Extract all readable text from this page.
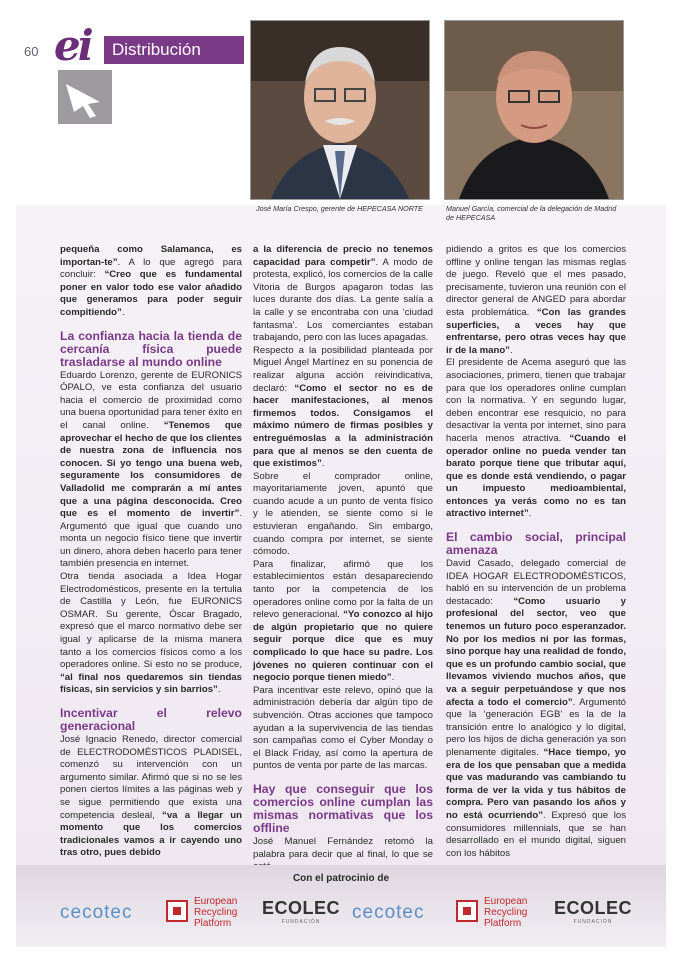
60 ei Distribución
José María Crespo, gerente de HEPECASA NORTE	Manuel García, comercial de la delegación de Madrid de HEPECASA

pequeña como Salamanca, es importan-te”. A lo que agregó para concluir: “Creo que es fundamental poner en valor todo ese valor añadido que generamos para poder seguir compitiendo”.

La confianza hacia la tienda de cercanía física puede trasladarse al mundo online

Eduardo Lorenzo, gerente de EURONICS ÓPALO, ve esta confianza del usuario hacia el comercio de proximidad como una buena oportunidad para tener éxito en el canal online. “Tenemos que aprovechar el hecho de que los clientes de nuestra zona de influencia nos conocen. Si yo tengo una buena web, seguramente los consumidores de Valladolid me comprarán a mí antes que a una página desconocida. Creo que es el momento de invertir”. Argumentó que igual que cuando uno monta un negocio físico tiene que invertir un dinero, ahora deben hacerlo para tener también presencia en internet.

Otra tienda asociada a Idea Hogar Electrodomésticos, presente en la tertulia de Castilla y León, fue EURONICS OSMAR. Su gerente, Óscar Bragado, expresó que el marco normativo debe ser igual y aplicarse de la misma manera tanto a los comercios físicos como a los operadores online. Si esto no se produce, “al final nos quedaremos sin tiendas físicas, sin servicios y sin barrios”.

Incentivar el relevo generacional

José Ignacio Renedo, director comercial de ELECTRODOMÉSTICOS PLADISEL, comenzó su intervención con un argumento similar. Afirmó que si no se les ponen ciertos límites a las páginas web y se sigue permitiendo que exista una competencia desleal, “va a llegar un momento que los comercios tradicionales vamos a ir cayendo uno tras otro, pues debido

a la diferencia de precio no tenemos capacidad para competir”. A modo de protesta, explicó, los comercios de la calle Vitoria de Burgos apagaron todas las luces durante dos días. La gente salía a la calle y se encontraba con una ‘ciudad fantasma’. Los comerciantes estaban trabajando, pero con las luces apagadas.

Respecto a la posibilidad planteada por Miguel Ángel Martínez en su ponencia de realizar alguna acción reivindicativa, declaró: “Como el sector no es de hacer manifestaciones, al menos firmemos todos. Consigamos el máximo número de firmas posibles y entreguémoslas a la administración para que al menos se den cuenta de que existimos”.

Sobre el comprador online, mayoritariamente joven, apuntó que cuando acude a un punto de venta físico y le atienden, se siente como si le estuvieran engañando. Sin embargo, cuando compra por internet, se siente cómodo.

Para finalizar, afirmó que los establecimientos están desapareciendo tanto por la competencia de los operadores online como por la falta de un relevo generacional. “Yo conozco al hijo de algún propietario que no quiere seguir porque dice que es muy complicado lo que hace su padre. Los jóvenes no quieren continuar con el negocio porque tienen miedo”.

Para incentivar este relevo, opinó que la administración debería dar algún tipo de subvención. Otras acciones que tampoco ayudan a la supervivencia de las tiendas son campañas como el Cyber Monday o el Black Friday, así como la apertura de puntos de venta por parte de las marcas.

Hay que conseguir que los comercios online cumplan las mismas normativas que los offline

José Manuel Fernández retomó la palabra para decir que al final, lo que se

pidiendo a gritos es que los comercios offline y online tengan las mismas reglas de juego. Reveló que el mes pasado, precisamente, tuvieron una reunión con el director general de ANGED para abordar esta problemática. “Con las grandes superficies, a veces hay que enfrentarse, pero otras veces hay que ir de la mano”.

El presidente de Acema aseguró que las asociaciones, primero, tienen que trabajar para que los operadores online cumplan con la normativa. Y en segundo lugar, deben encontrar ese resquicio, no para desactivar la venta por internet, sino para hacerla menos atractiva. “Cuando el operador online no pueda vender tan barato porque tiene que tributar aquí, que es donde está vendiendo, o pagar un impuesto medioambiental, entonces ya verás como no es tan atractivo internet”.

El cambio social, principal amenaza

David Casado, delegado comercial de IDEA HOGAR ELECTRODOMÉSTICOS, habló en su intervención de un problema destacado: “Como usuario y profesional del sector, veo que tenemos un futuro poco esperanzador. No por los medios ni por las formas, sino porque hay una realidad de fondo, que es un profundo cambio social, que llevamos viviendo muchos años, que va a seguir perpetuándose y que nos afecta a todo el comercio”. Argumentó que la ‘generación EGB’ es la de la transición entre lo analógico y lo digital, pero los hijos de dicha generación ya son plenamente digitales. “Hace tiempo, yo era de los que pensaban que a medida que vas madurando vas cambiando tu forma de ver la vida y tus hábitos de compra. Pero van pasando los años y no está ocurriendo”. Expresó que los consumidores millennials, que se han desarrollado en el mundo digital, siguen con los hábitos

Con el patrocinio de
cecotec
European
Recycling
Platform
ECOLEC
FUNDACIÓN	cecotec
European
Recycling
Platform
ECOLEC
FUNDACIÓN
